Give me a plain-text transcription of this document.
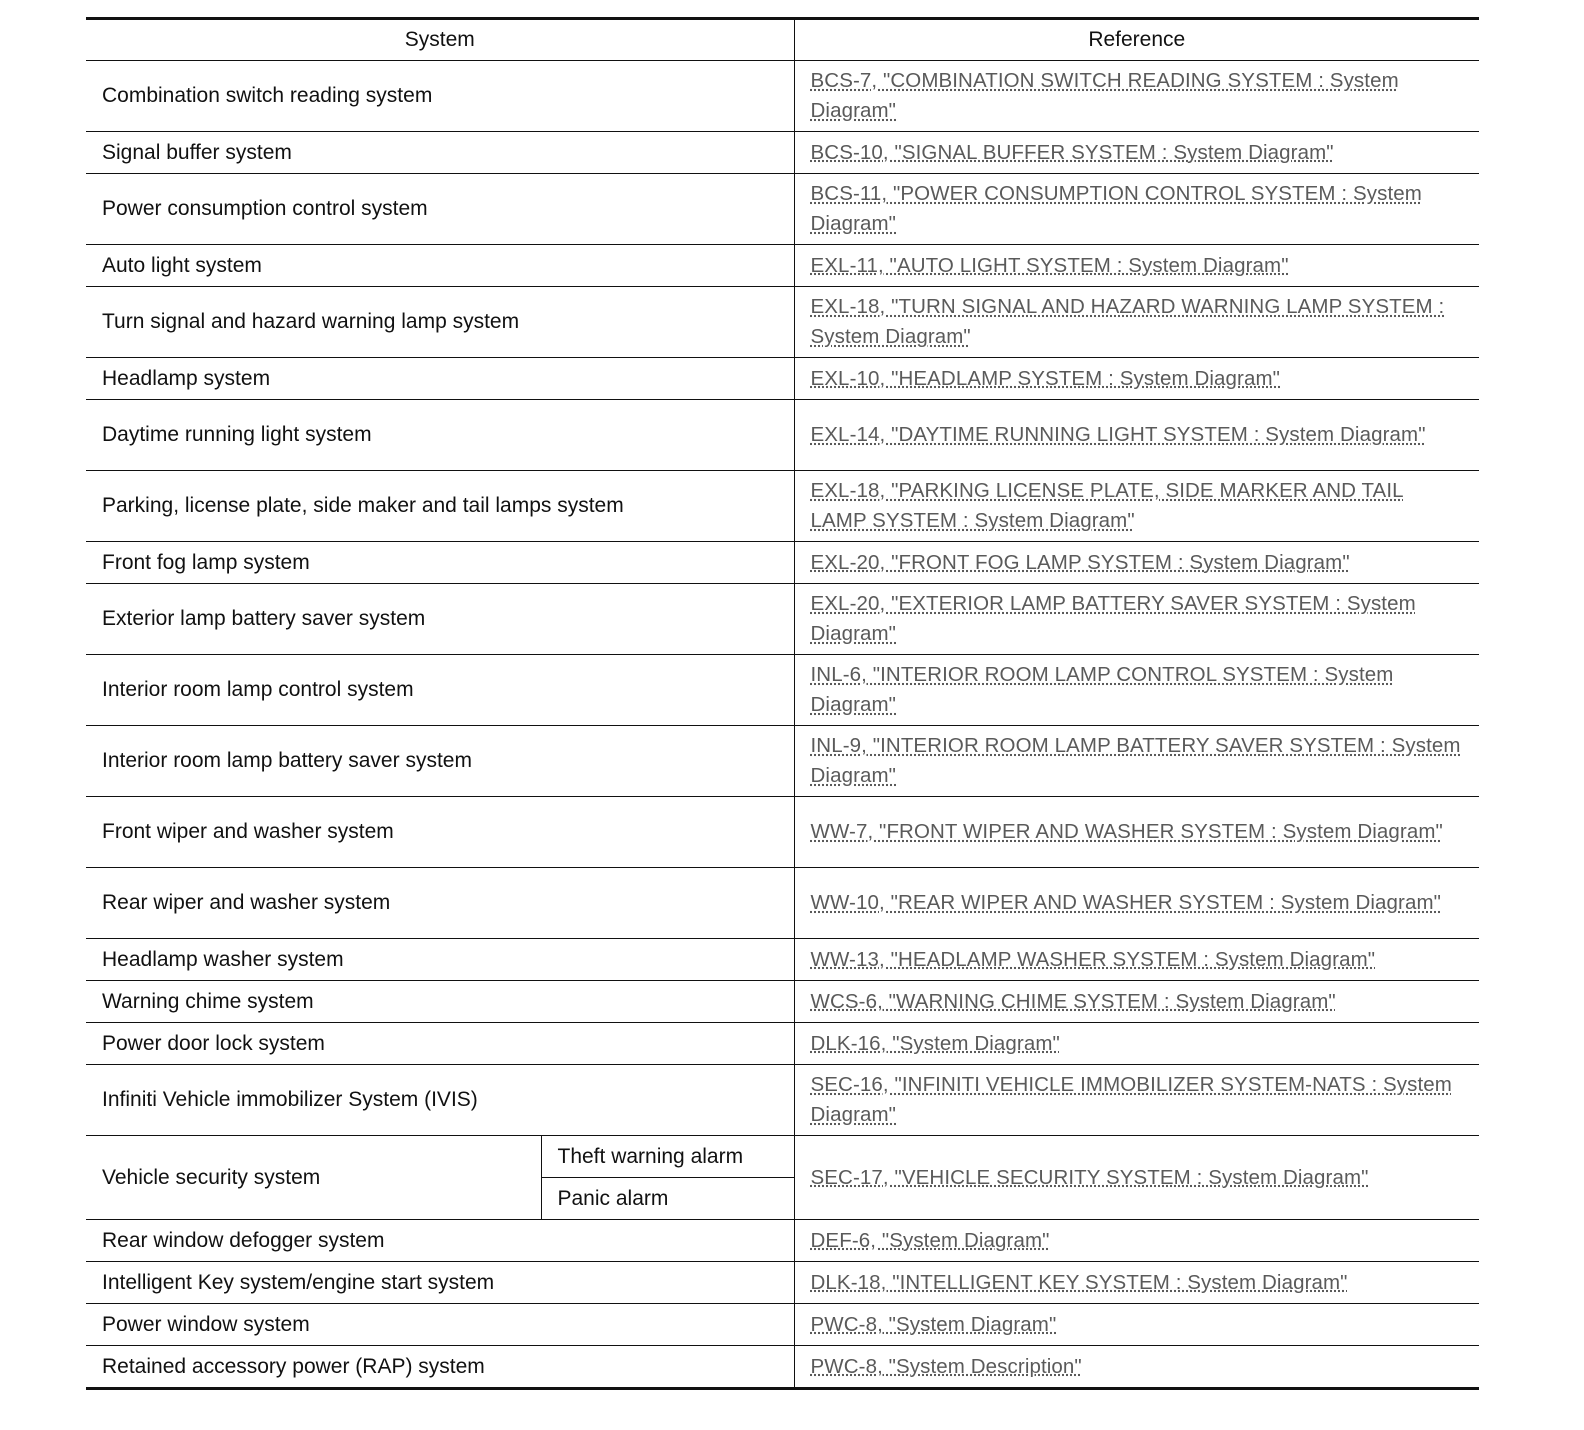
System		Reference
Combination switch reading system		BCS-7, "COMBINATION SWITCH READING SYSTEM : System Diagram"
Signal buffer system		BCS-10, "SIGNAL BUFFER SYSTEM : System Diagram"
Power consumption control system		BCS-11, "POWER CONSUMPTION CONTROL SYSTEM : System Diagram"
Auto light system		EXL-11, "AUTO LIGHT SYSTEM : System Diagram"
Turn signal and hazard warning lamp system		EXL-18, "TURN SIGNAL AND HAZARD WARNING LAMP SYSTEM : System Diagram"
Headlamp system		EXL-10, "HEADLAMP SYSTEM : System Diagram"
Daytime running light system		EXL-14, "DAYTIME RUNNING LIGHT SYSTEM : System Diagram"
Parking, license plate, side maker and tail lamps system		EXL-18, "PARKING LICENSE PLATE, SIDE MARKER AND TAIL LAMP SYSTEM : System Diagram"
Front fog lamp system		EXL-20, "FRONT FOG LAMP SYSTEM : System Diagram"
Exterior lamp battery saver system		EXL-20, "EXTERIOR LAMP BATTERY SAVER SYSTEM : System Diagram"
Interior room lamp control system		INL-6, "INTERIOR ROOM LAMP CONTROL SYSTEM : System Diagram"
Interior room lamp battery saver system		INL-9, "INTERIOR ROOM LAMP BATTERY SAVER SYSTEM : System Diagram"
Front wiper and washer system		WW-7, "FRONT WIPER AND WASHER SYSTEM : System Diagram"
Rear wiper and washer system		WW-10, "REAR WIPER AND WASHER SYSTEM : System Diagram"
Headlamp washer system		WW-13, "HEADLAMP WASHER SYSTEM : System Diagram"
Warning chime system		WCS-6, "WARNING CHIME SYSTEM : System Diagram"
Power door lock system		DLK-16, "System Diagram"
Infiniti Vehicle immobilizer System (IVIS)		SEC-16, "INFINITI VEHICLE IMMOBILIZER SYSTEM-NATS : System Diagram"
Vehicle security system	Theft warning alarm	SEC-17, "VEHICLE SECURITY SYSTEM : System Diagram"
	Panic alarm	
Rear window defogger system		DEF-6, "System Diagram"
Intelligent Key system/engine start system		DLK-18, "INTELLIGENT KEY SYSTEM : System Diagram"
Power window system		PWC-8, "System Diagram"
Retained accessory power (RAP) system		PWC-8, "System Description"
